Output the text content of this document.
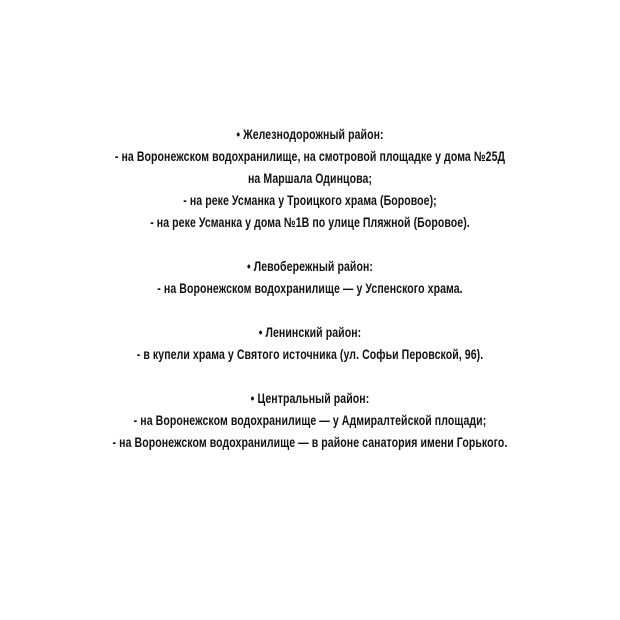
• Железнодорожный район:
- на Воронежском водохранилище, на смотровой площадке у дома №25Д
на Маршала Одинцова;
- на реке Усманка у Троицкого храма (Боровое);
- на реке Усманка у дома №1В по улице Пляжной (Боровое).
• Левобережный район:
- на Воронежском водохранилище — у Успенского храма.
• Ленинский район:
- в купели храма у Святого источника (ул. Софьи Перовской, 96).
• Центральный район:
- на Воронежском водохранилище — у Адмиралтейской площади;
- на Воронежском водохранилище — в районе санатория имени Горького.
